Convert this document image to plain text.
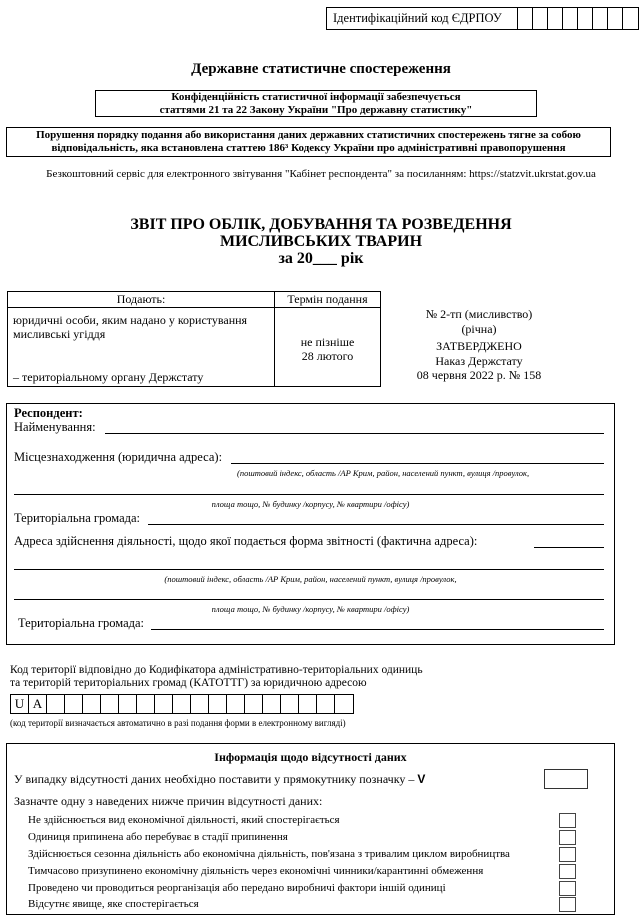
Ідентифікаційний код ЄДРПОУ
Державне статистичне спостереження
Конфіденційність статистичної інформації забезпечується
статтями 21 та 22 Закону України "Про державну статистику"
Порушення порядку подання або використання даних державних статистичних спостережень тягне за собою
відповідальність, яка встановлена статтею 186³ Кодексу України про адміністративні правопорушення
Безкоштовний сервіс для електронного звітування "Кабінет респондента" за посиланням: https://statzvit.ukrstat.gov.ua
ЗВІТ ПРО ОБЛІК, ДОБУВАННЯ ТА РОЗВЕДЕННЯ
МИСЛИВСЬКИХ ТВАРИН
за 20___ рік
Подають:	Термін подання
юридичні особи, яким надано у користування
мисливські угіддя
– територіальному органу Держстату
не пізніше
28 лютого
№ 2-тп (мисливство)
(річна)
ЗАТВЕРДЖЕНО
Наказ Держстату
08 червня 2022 р. № 158
Респондент:
Найменування:
Місцезнаходження (юридична адреса):
(поштовий індекс, область /АР Крим, район, населений пункт, вулиця /провулок,
площа тощо, № будинку /корпусу, № квартири /офісу)
Територіальна громада:
Адреса здійснення діяльності, щодо якої подається форма звітності (фактична адреса):
(поштовий індекс, область /АР Крим, район, населений пункт, вулиця /провулок,
площа тощо, № будинку /корпусу, № квартири /офісу)
Територіальна громада:
Код території відповідно до Кодифікатора адміністративно-територіальних одиниць
та територій територіальних громад (КАТОТТГ) за юридичною адресою
U A
(код території визначається автоматично в разі подання форми в електронному вигляді)
Інформація щодо відсутності даних
У випадку відсутності даних необхідно поставити у прямокутнику позначку – V
Зазначте одну з наведених нижче причин відсутності даних:
Не здійснюється вид економічної діяльності, який спостерігається
Одиниця припинена або перебуває в стадії припинення
Здійснюється сезонна діяльність або економічна діяльність, пов'язана з тривалим циклом виробництва
Тимчасово призупинено економічну діяльність через економічні чинники/карантинні обмеження
Проведено чи проводиться реорганізація або передано виробничі фактори іншій одиниці
Відсутнє явище, яке спостерігається
